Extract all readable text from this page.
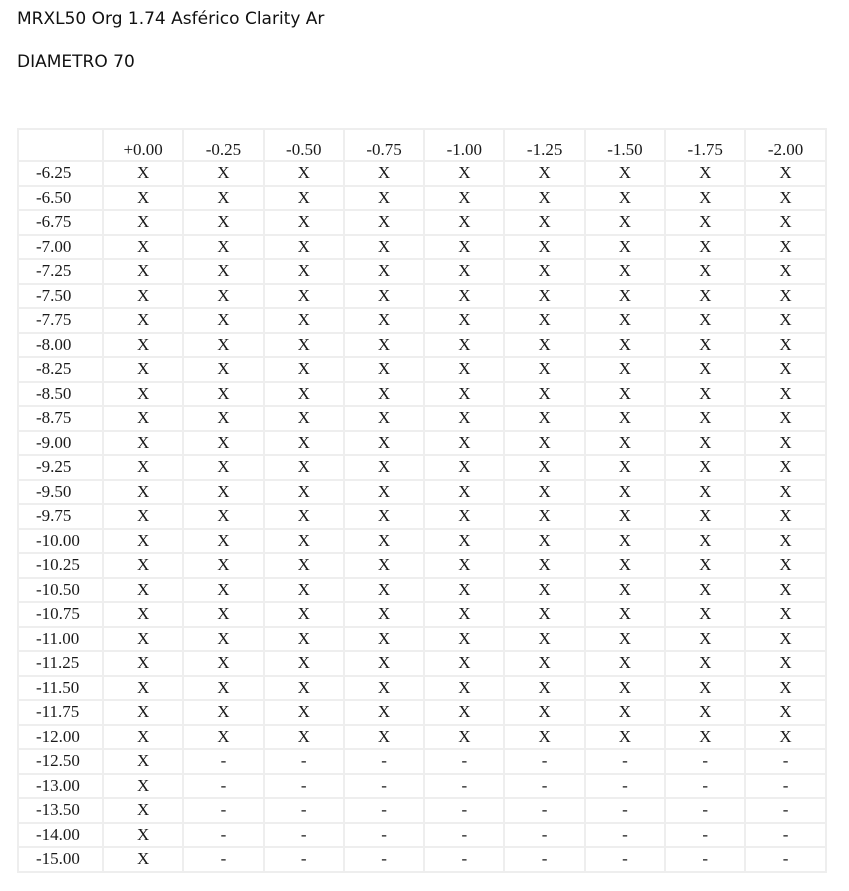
MRXL50 Org 1.74 Asférico Clarity Ar
DIAMETRO 70
	+0.00	-0.25	-0.50	-0.75	-1.00	-1.25	-1.50	-1.75	-2.00
-6.25	X	X	X	X	X	X	X	X	X
-6.50	X	X	X	X	X	X	X	X	X
-6.75	X	X	X	X	X	X	X	X	X
-7.00	X	X	X	X	X	X	X	X	X
-7.25	X	X	X	X	X	X	X	X	X
-7.50	X	X	X	X	X	X	X	X	X
-7.75	X	X	X	X	X	X	X	X	X
-8.00	X	X	X	X	X	X	X	X	X
-8.25	X	X	X	X	X	X	X	X	X
-8.50	X	X	X	X	X	X	X	X	X
-8.75	X	X	X	X	X	X	X	X	X
-9.00	X	X	X	X	X	X	X	X	X
-9.25	X	X	X	X	X	X	X	X	X
-9.50	X	X	X	X	X	X	X	X	X
-9.75	X	X	X	X	X	X	X	X	X
-10.00	X	X	X	X	X	X	X	X	X
-10.25	X	X	X	X	X	X	X	X	X
-10.50	X	X	X	X	X	X	X	X	X
-10.75	X	X	X	X	X	X	X	X	X
-11.00	X	X	X	X	X	X	X	X	X
-11.25	X	X	X	X	X	X	X	X	X
-11.50	X	X	X	X	X	X	X	X	X
-11.75	X	X	X	X	X	X	X	X	X
-12.00	X	X	X	X	X	X	X	X	X
-12.50	X	-	-	-	-	-	-	-	-
-13.00	X	-	-	-	-	-	-	-	-
-13.50	X	-	-	-	-	-	-	-	-
-14.00	X	-	-	-	-	-	-	-	-
-15.00	X	-	-	-	-	-	-	-	-
